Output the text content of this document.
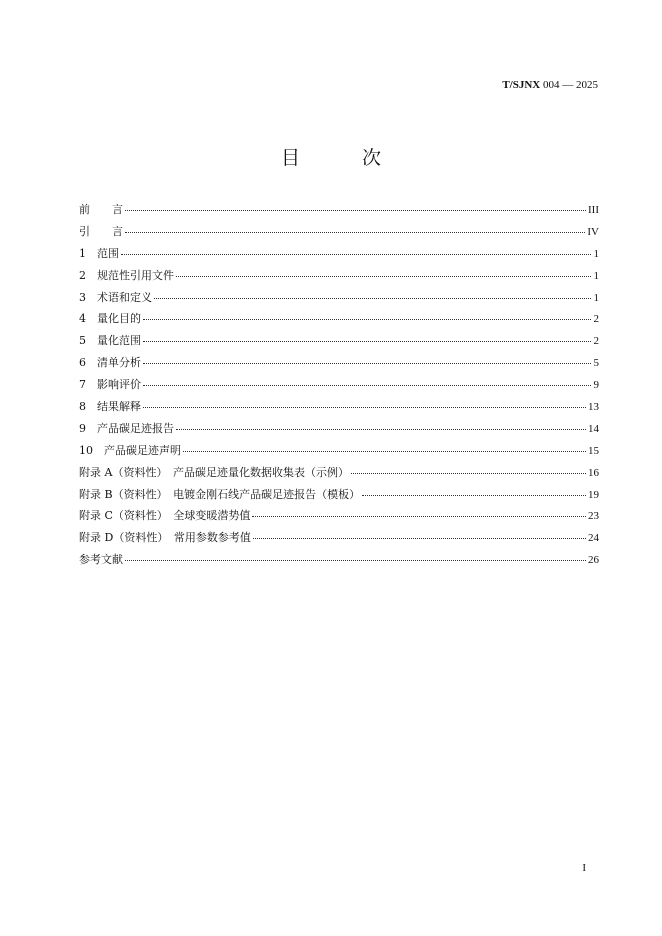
T/SJNX 004 — 2025
目 次
前　　言	III
引　　言	IV
1　范围	1
2　规范性引用文件	1
3　术语和定义	1
4　量化目的	2
5　量化范围	2
6　清单分析	5
7　影响评价	9
8　结果解释	13
9　产品碳足迹报告	14
10　产品碳足迹声明	15
附录 A（资料性）　产品碳足迹量化数据收集表（示例）	16
附录 B（资料性）　电镀金刚石线产品碳足迹报告（模板）	19
附录 C（资料性）　全球变暖潜势值	23
附录 D（资料性）　常用参数参考值	24
参考文献	26
I
